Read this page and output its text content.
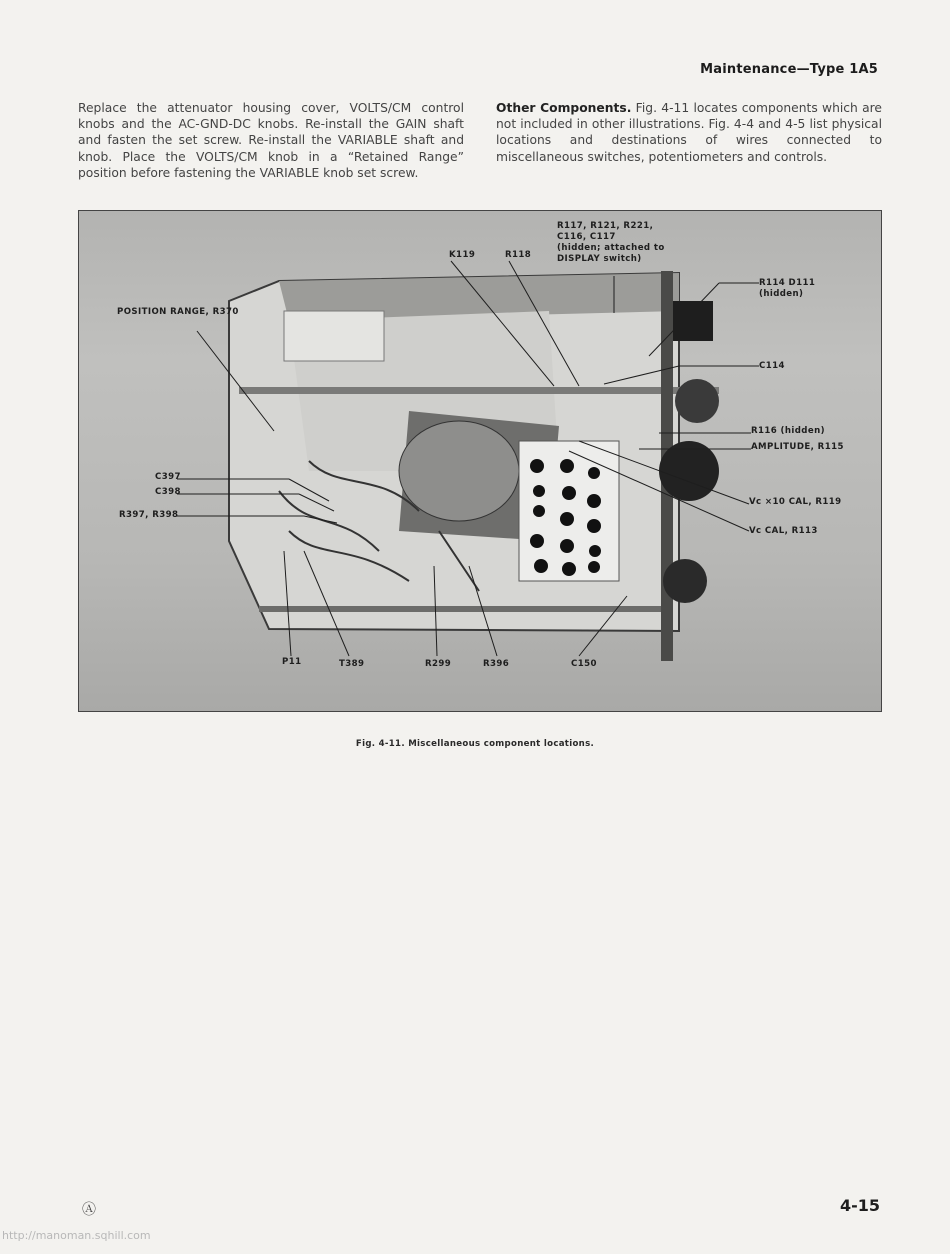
Maintenance—Type 1A5
Replace the attenuator housing cover, VOLTS/CM control knobs and the AC-GND-DC knobs. Re-install the GAIN shaft and fasten the set screw. Re-install the VARIABLE shaft and knob. Place the VOLTS/CM knob in a “Retained Range” position before fastening the VARIABLE knob set screw.
Other Components. Fig. 4-11 locates components which are not included in other illustrations. Fig. 4-4 and 4-5 list physical locations and destinations of wires connected to miscellaneous switches, potentiometers and controls.
R117, R121, R221,
C116, C117
(hidden; attached to
DISPLAY switch)
K119	R118
POSITION RANGE, R370
R114 D111
(hidden)
C114
R116 (hidden)
AMPLITUDE, R115
C397
C398
R397, R398
Vc ×10 CAL, R119
Vc CAL, R113
P11	T389	R299	R396	C150
Fig. 4-11. Miscellaneous component locations.
Ⓐ	4-15
http://manoman.sqhill.com
